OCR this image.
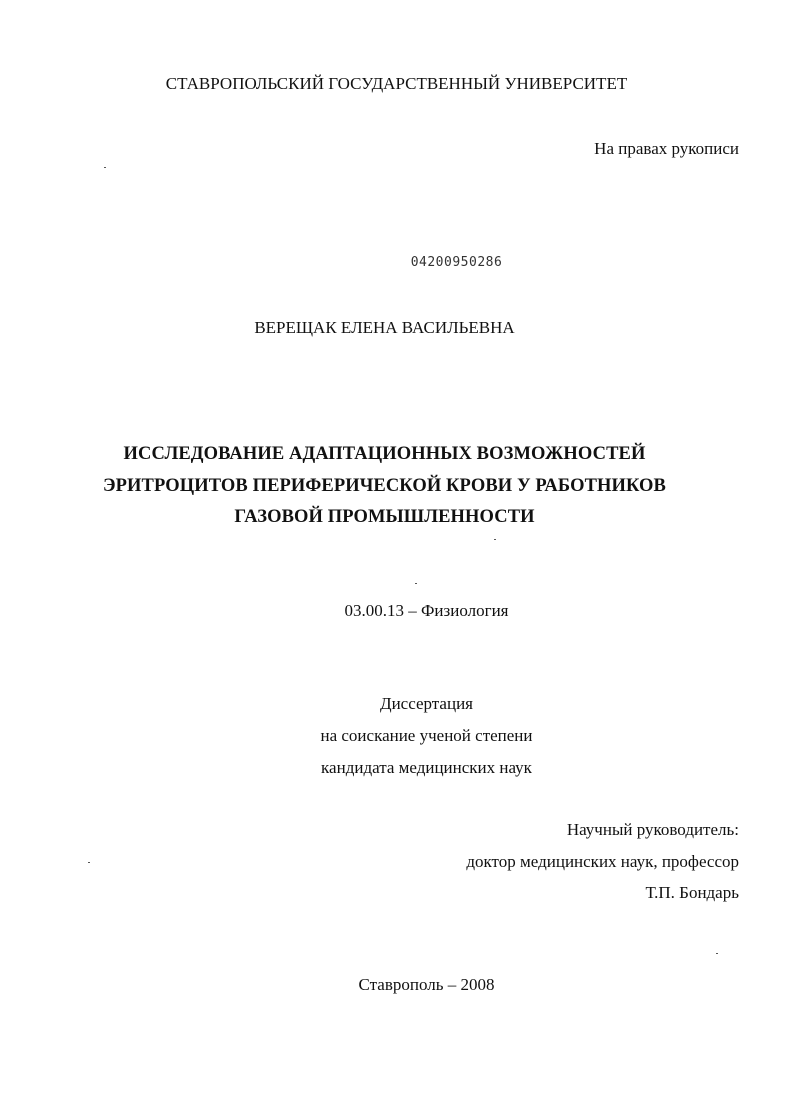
СТАВРОПОЛЬСКИЙ ГОСУДАРСТВЕННЫЙ УНИВЕРСИТЕТ
На правах рукописи
04200950286
ВЕРЕЩАК ЕЛЕНА ВАСИЛЬЕВНА
ИССЛЕДОВАНИЕ АДАПТАЦИОННЫХ ВОЗМОЖНОСТЕЙ
ЭРИТРОЦИТОВ ПЕРИФЕРИЧЕСКОЙ КРОВИ У РАБОТНИКОВ
ГАЗОВОЙ ПРОМЫШЛЕННОСТИ
03.00.13 – Физиология
Диссертация
на соискание ученой степени
кандидата медицинских наук
Научный руководитель:
доктор медицинских наук, профессор
Т.П. Бондарь
Ставрополь – 2008
